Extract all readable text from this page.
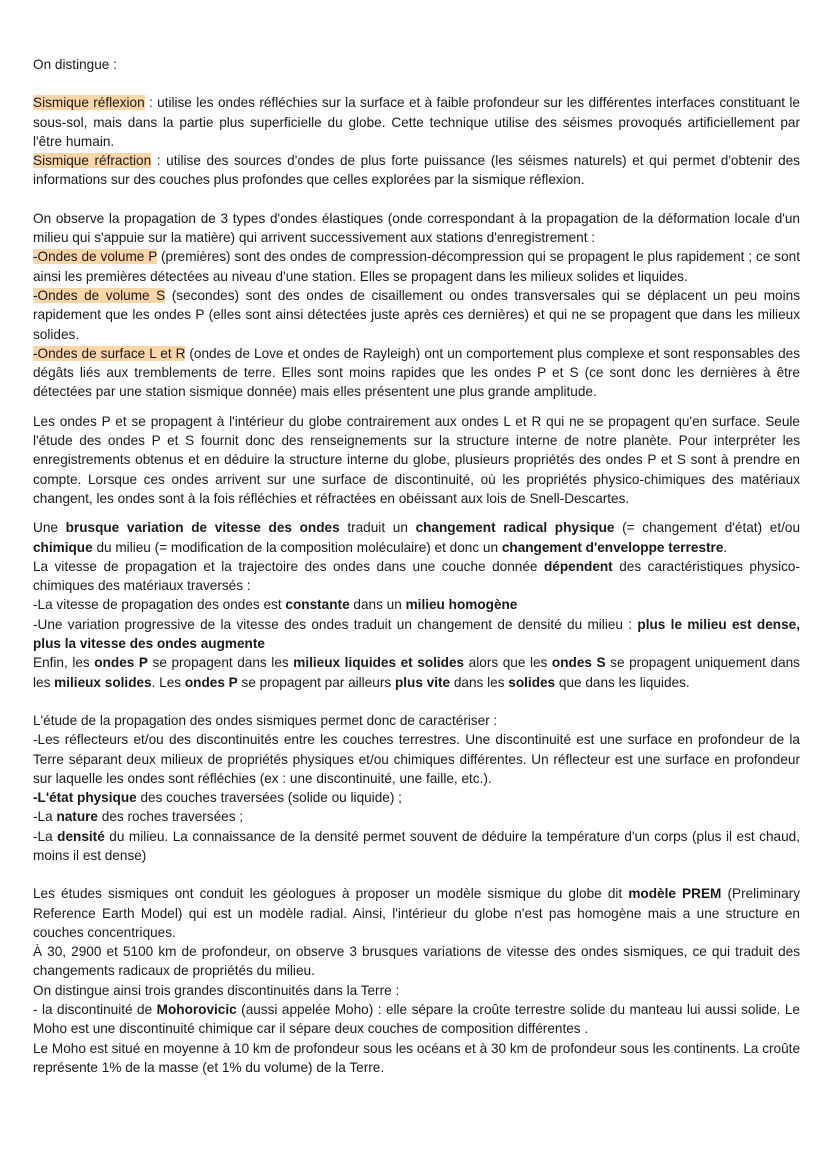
On distingue :

Sismique réflexion : utilise les ondes réfléchies sur la surface et à faible profondeur sur les différentes interfaces constituant le sous-sol, mais dans la partie plus superficielle du globe. Cette technique utilise des séismes provoqués artificiellement par l'être humain.

Sismique réfraction : utilise des sources d'ondes de plus forte puissance (les séismes naturels) et qui permet d'obtenir des informations sur des couches plus profondes que celles explorées par la sismique réflexion.

On observe la propagation de 3 types d'ondes élastiques (onde correspondant à la propagation de la déformation locale d'un milieu qui s'appuie sur la matière) qui arrivent successivement aux stations d'enregistrement :

-Ondes de volume P (premières) sont des ondes de compression-décompression qui se propagent le plus rapidement ; ce sont ainsi les premières détectées au niveau d'une station. Elles se propagent dans les milieux solides et liquides.

-Ondes de volume S (secondes) sont des ondes de cisaillement ou ondes transversales qui se déplacent un peu moins rapidement que les ondes P (elles sont ainsi détectées juste après ces dernières) et qui ne se propagent que dans les milieux solides.

-Ondes de surface L et R (ondes de Love et ondes de Rayleigh) ont un comportement plus complexe et sont responsables des dégâts liés aux tremblements de terre. Elles sont moins rapides que les ondes P et S (ce sont donc les dernières à être détectées par une station sismique donnée) mais elles présentent une plus grande amplitude.

Les ondes P et se propagent à l'intérieur du globe contrairement aux ondes L et R qui ne se propagent qu'en surface. Seule l'étude des ondes P et S fournit donc des renseignements sur la structure interne de notre planète. Pour interpréter les enregistrements obtenus et en déduire la structure interne du globe, plusieurs propriétés des ondes P et S sont à prendre en compte. Lorsque ces ondes arrivent sur une surface de discontinuité, où les propriétés physico-chimiques des matériaux changent, les ondes sont à la fois réfléchies et réfractées en obéissant aux lois de Snell-Descartes.

Une brusque variation de vitesse des ondes traduit un changement radical physique (= changement d'état) et/ou chimique du milieu (= modification de la composition moléculaire) et donc un changement d'enveloppe terrestre.

La vitesse de propagation et la trajectoire des ondes dans une couche donnée dépendent des caractéristiques physico-chimiques des matériaux traversés :

-La vitesse de propagation des ondes est constante dans un milieu homogène

-Une variation progressive de la vitesse des ondes traduit un changement de densité du milieu : plus le milieu est dense, plus la vitesse des ondes augmente

Enfin, les ondes P se propagent dans les milieux liquides et solides alors que les ondes S se propagent uniquement dans les milieux solides. Les ondes P se propagent par ailleurs plus vite dans les solides que dans les liquides.

L'étude de la propagation des ondes sismiques permet donc de caractériser :

-Les réflecteurs et/ou des discontinuités entre les couches terrestres. Une discontinuité est une surface en profondeur de la Terre séparant deux milieux de propriétés physiques et/ou chimiques différentes. Un réflecteur est une surface en profondeur sur laquelle les ondes sont réfléchies (ex : une discontinuité, une faille, etc.).

-L'état physique des couches traversées (solide ou liquide) ;

-La nature des roches traversées ;

-La densité du milieu. La connaissance de la densité permet souvent de déduire la température d'un corps (plus il est chaud, moins il est dense)

Les études sismiques ont conduit les géologues à proposer un modèle sismique du globe dit modèle PREM (Preliminary Reference Earth Model) qui est un modèle radial. Ainsi, l'intérieur du globe n'est pas homogène mais a une structure en couches concentriques.

À 30, 2900 et 5100 km de profondeur, on observe 3 brusques variations de vitesse des ondes sismiques, ce qui traduit des changements radicaux de propriétés du milieu.

On distingue ainsi trois grandes discontinuités dans la Terre :

- la discontinuité de Mohorovicic (aussi appelée Moho) : elle sépare la croûte terrestre solide du manteau lui aussi solide. Le Moho est une discontinuité chimique car il sépare deux couches de composition différentes .

Le Moho est situé en moyenne à 10 km de profondeur sous les océans et à 30 km de profondeur sous les continents. La croûte représente 1% de la masse (et 1% du volume) de la Terre.
